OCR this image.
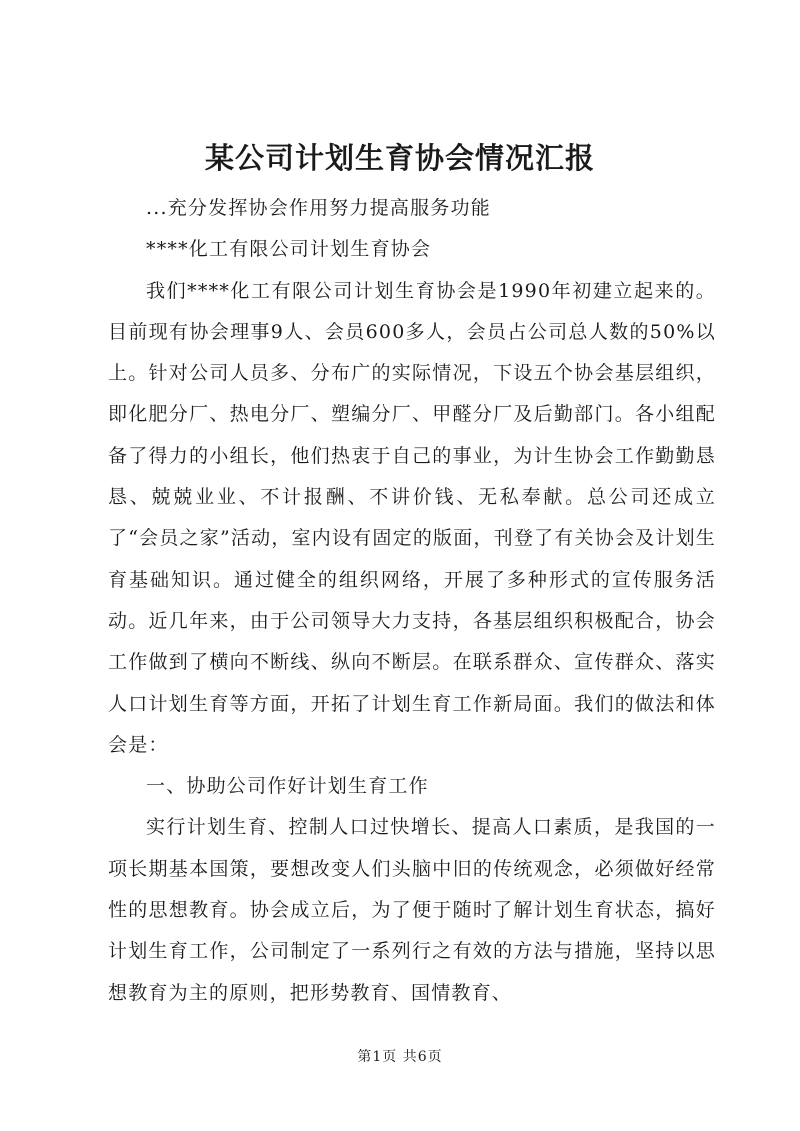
某公司计划生育协会情况汇报

...充分发挥协会作用努力提高服务功能

****化工有限公司计划生育协会

我们****化工有限公司计划生育协会是1990年初建立起来的。目前现有协会理事9人、会员600多人，会员占公司总人数的50%以上。针对公司人员多、分布广的实际情况，下设五个协会基层组织，即化肥分厂、热电分厂、塑编分厂、甲醛分厂及后勤部门。各小组配备了得力的小组长，他们热衷于自己的事业，为计生协会工作勤勤恳恳、兢兢业业、不计报酬、不讲价钱、无私奉献。总公司还成立了“会员之家”活动，室内设有固定的版面，刊登了有关协会及计划生育基础知识。通过健全的组织网络，开展了多种形式的宣传服务活动。近几年来，由于公司领导大力支持，各基层组织积极配合，协会工作做到了横向不断线、纵向不断层。在联系群众、宣传群众、落实人口计划生育等方面，开拓了计划生育工作新局面。我们的做法和体会是：

一、协助公司作好计划生育工作

实行计划生育、控制人口过快增长、提高人口素质，是我国的一项长期基本国策，要想改变人们头脑中旧的传统观念，必须做好经常性的思想教育。协会成立后，为了便于随时了解计划生育状态，搞好计划生育工作，公司制定了一系列行之有效的方法与措施，坚持以思想教育为主的原则，把形势教育、国情教育、

第1页 共6页
